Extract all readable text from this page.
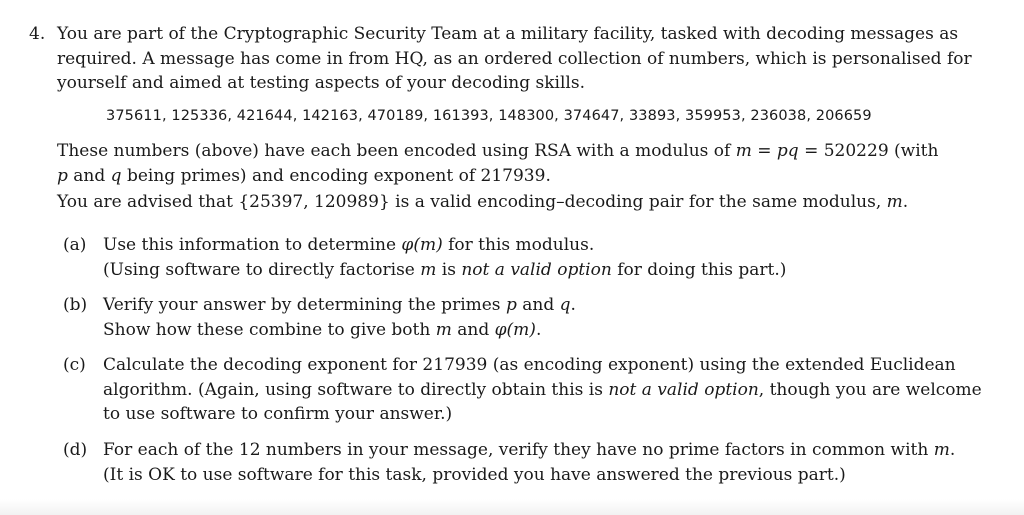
4. You are part of the Cryptographic Security Team at a military facility, tasked with decoding messages as required. A message has come in from HQ, as an ordered collection of numbers, which is personalised for yourself and aimed at testing aspects of your decoding skills.
375611, 125336, 421644, 142163, 470189, 161393, 148300, 374647, 33893, 359953, 236038, 206659
These numbers (above) have each been encoded using RSA with a modulus of m = pq = 520229 (with
p and q being primes) and encoding exponent of 217939.
You are advised that {25397, 120989} is a valid encoding–decoding pair for the same modulus, m.
(a) Use this information to determine φ(m) for this modulus.
(Using software to directly factorise m is not a valid option for doing this part.)
(b) Verify your answer by determining the primes p and q.
Show how these combine to give both m and φ(m).
(c) Calculate the decoding exponent for 217939 (as encoding exponent) using the extended Euclidean algorithm. (Again, using software to directly obtain this is not a valid option, though you are welcome to use software to confirm your answer.)
(d) For each of the 12 numbers in your message, verify they have no prime factors in common with m.
(It is OK to use software for this task, provided you have answered the previous part.)
